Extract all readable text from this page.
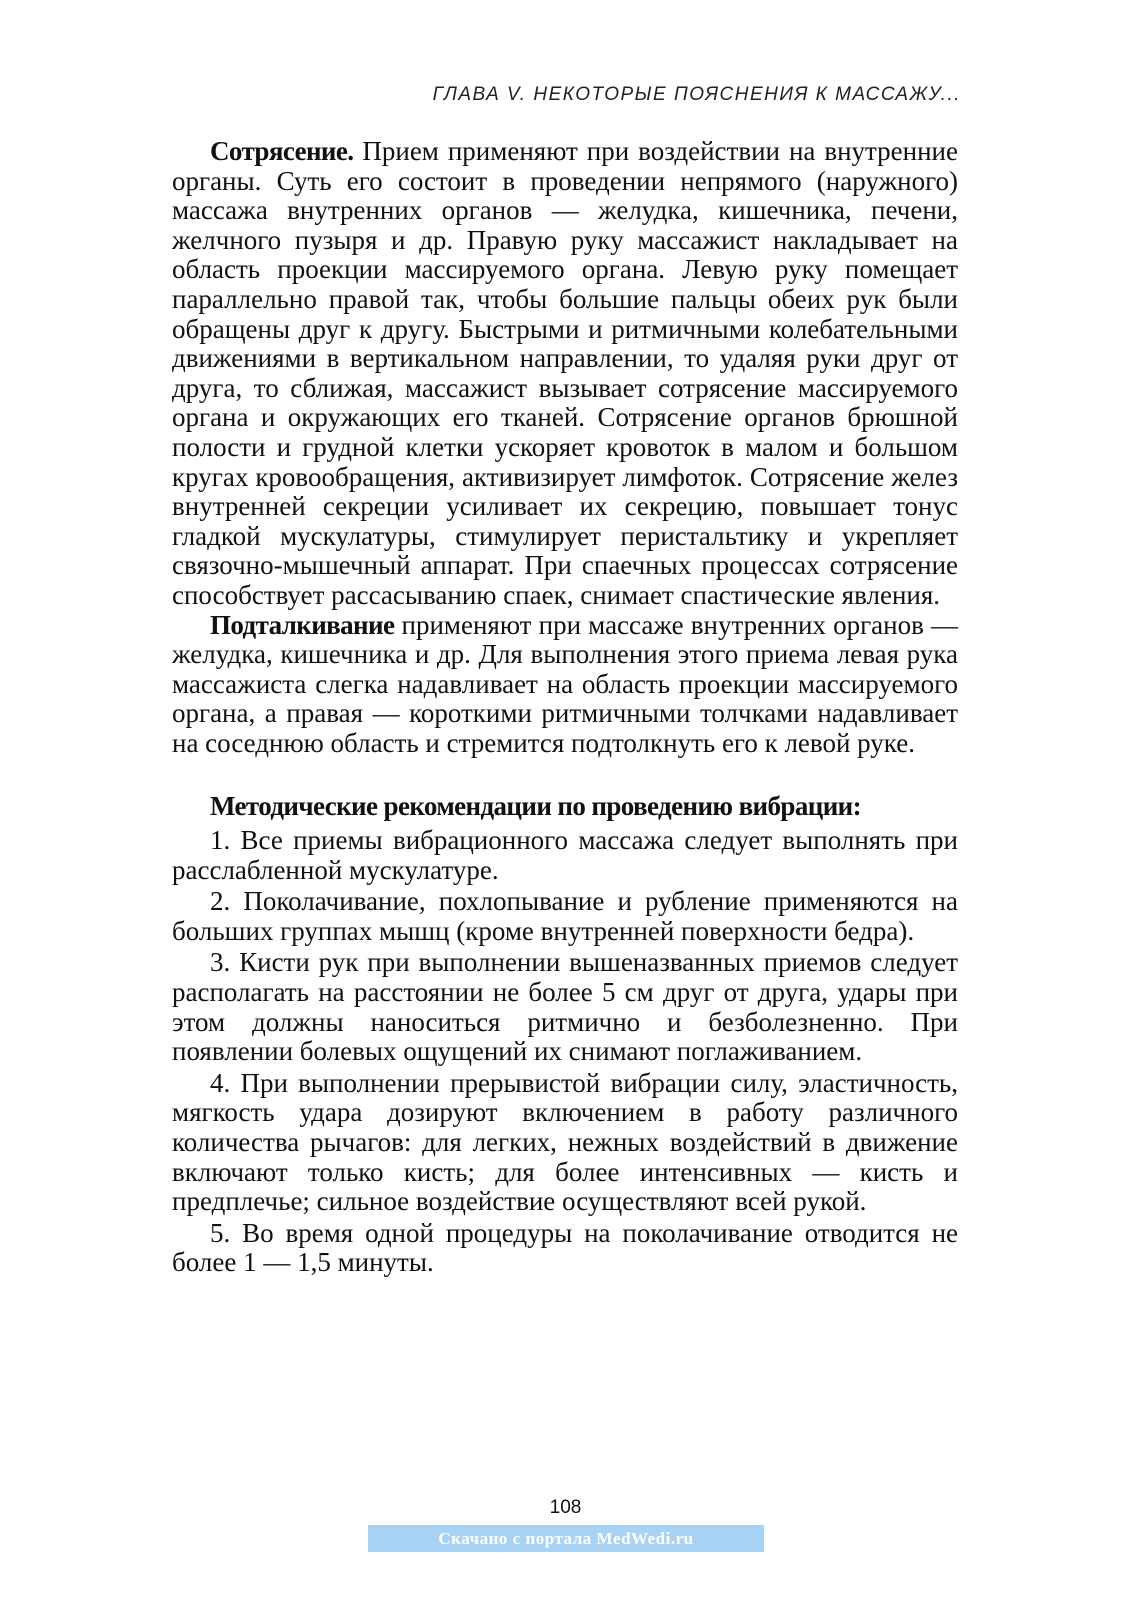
ГЛАВА V. НЕКОТОРЫЕ ПОЯСНЕНИЯ К МАССАЖУ...

Сотрясение. Прием применяют при воздействии на внутренние органы. Суть его состоит в проведении непрямого (наружного) массажа внутренних органов — желудка, кишечника, печени, желчного пузыря и др. Правую руку массажист накладывает на область проекции массируемого органа. Левую руку помещает параллельно правой так, чтобы большие пальцы обеих рук были обращены друг к другу. Быстрыми и ритмичными колебательными движениями в вертикальном направлении, то удаляя руки друг от друга, то сближая, массажист вызывает сотрясение массируемого органа и окружающих его тканей. Сотрясение органов брюшной полости и грудной клетки ускоряет кровоток в малом и большом кругах кровообращения, активизирует лимфоток. Сотрясение желез внутренней секреции усиливает их секрецию, повышает тонус гладкой мускулатуры, стимулирует перистальтику и укрепляет связочно-мышечный аппарат. При спаечных процессах сотрясение способствует рассасыванию спаек, снимает спастические явления.

Подталкивание применяют при массаже внутренних органов — желудка, кишечника и др. Для выполнения этого приема левая рука массажиста слегка надавливает на область проекции массируемого органа, а правая — короткими ритмичными толчками надавливает на соседнюю область и стремится подтолкнуть его к левой руке.

Методические рекомендации по проведению вибрации:

1. Все приемы вибрационного массажа следует выполнять при расслабленной мускулатуре.
2. Поколачивание, похлопывание и рубление применяются на больших группах мышц (кроме внутренней поверхности бедра).
3. Кисти рук при выполнении вышеназванных приемов следует располагать на расстоянии не более 5 см друг от друга, удары при этом должны наноситься ритмично и безболезненно. При появлении болевых ощущений их снимают поглаживанием.
4. При выполнении прерывистой вибрации силу, эластичность, мягкость удара дозируют включением в работу различного количества рычагов: для легких, нежных воздействий в движение включают только кисть; для более интенсивных — кисть и предплечье; сильное воздействие осуществляют всей рукой.
5. Во время одной процедуры на поколачивание отводится не более 1 — 1,5 минуты.

108

Скачано с портала MedWedi.ru
